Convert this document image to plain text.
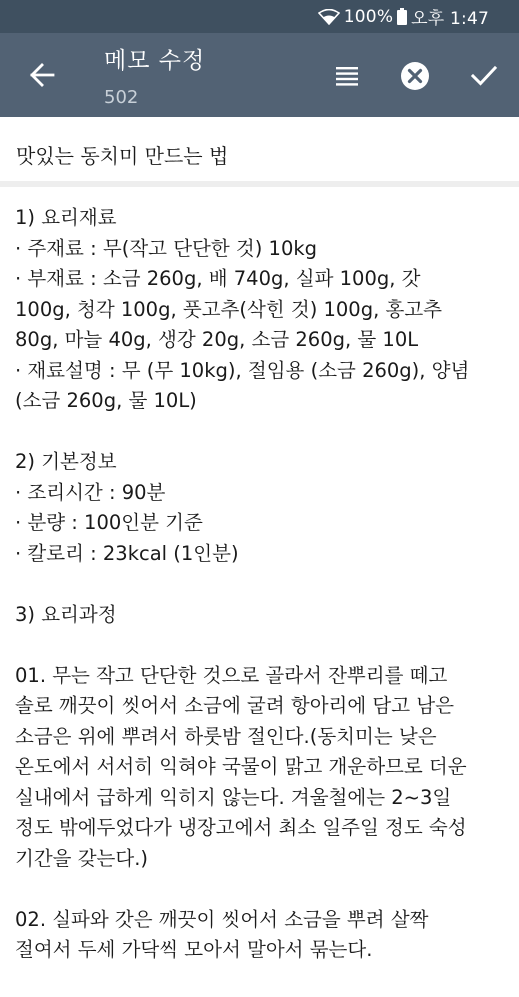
100% 오후 1:47
메모 수정
502
맛있는 동치미 만드는 법
1) 요리재료
· 주재료 : 무(작고 단단한 것) 10kg
· 부재료 : 소금 260g, 배 740g, 실파 100g, 갓
100g, 청각 100g, 풋고추(삭힌 것) 100g, 홍고추
80g, 마늘 40g, 생강 20g, 소금 260g, 물 10L
· 재료설명 : 무 (무 10kg), 절임용 (소금 260g), 양념
(소금 260g, 물 10L)
2) 기본정보
· 조리시간 : 90분
· 분량 : 100인분 기준
· 칼로리 : 23kcal (1인분)
3) 요리과정
01. 무는 작고 단단한 것으로 골라서 잔뿌리를 떼고
솔로 깨끗이 씻어서 소금에 굴려 항아리에 담고 남은
소금은 위에 뿌려서 하룻밤 절인다.(동치미는 낮은
온도에서 서서히 익혀야 국물이 맑고 개운하므로 더운
실내에서 급하게 익히지 않는다. 겨울철에는 2~3일
정도 밖에두었다가 냉장고에서 최소 일주일 정도 숙성
기간을 갖는다.)
02. 실파와 갓은 깨끗이 씻어서 소금을 뿌려 살짝
절여서 두세 가닥씩 모아서 말아서 묶는다.
